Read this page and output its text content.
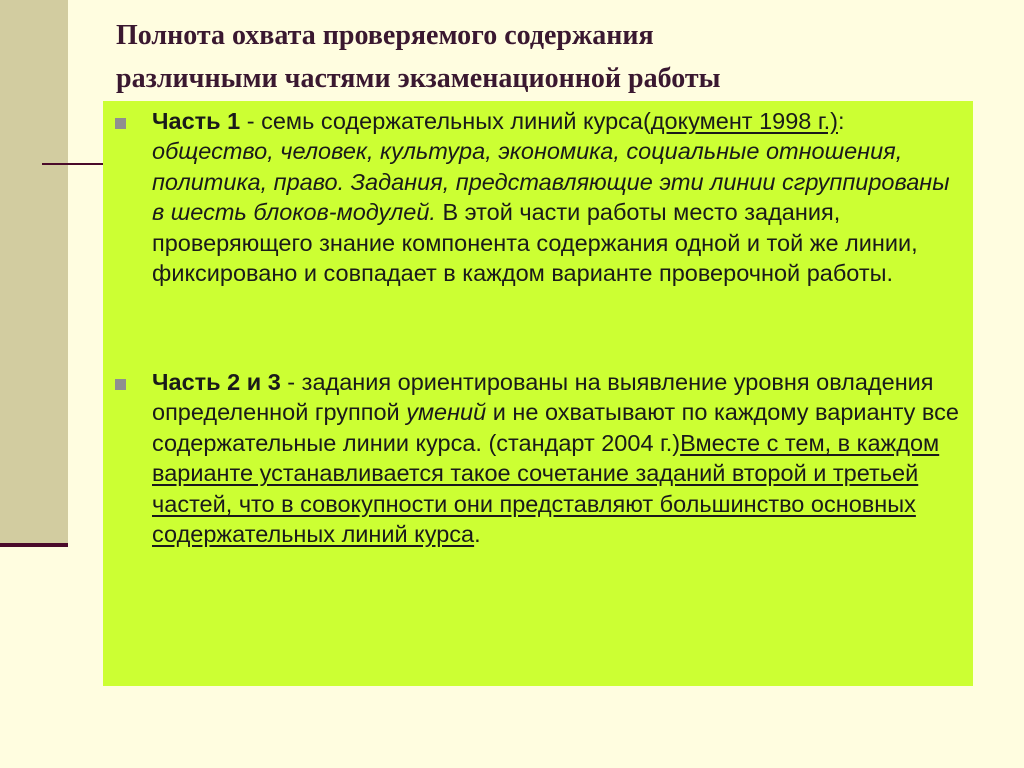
Полнота охвата проверяемого содержания
различными частями экзаменационной работы
Часть 1 - семь содержательных линий курса(документ 1998 г.): общество, человек, культура, экономика, социальные отношения, политика, право. Задания, представляющие эти линии сгруппированы в шесть блоков-модулей. В этой части работы место задания, проверяющего знание компонента содержания одной и той же линии, фиксировано и совпадает в каждом варианте проверочной работы.
Часть 2 и 3 - задания ориентированы на выявление уровня овладения определенной группой умений и не охватывают по каждому варианту все содержательные линии курса. (стандарт 2004 г.)Вместе с тем, в каждом варианте устанавливается такое сочетание заданий второй и третьей частей, что в совокупности они представляют большинство основных содержательных линий курса.
